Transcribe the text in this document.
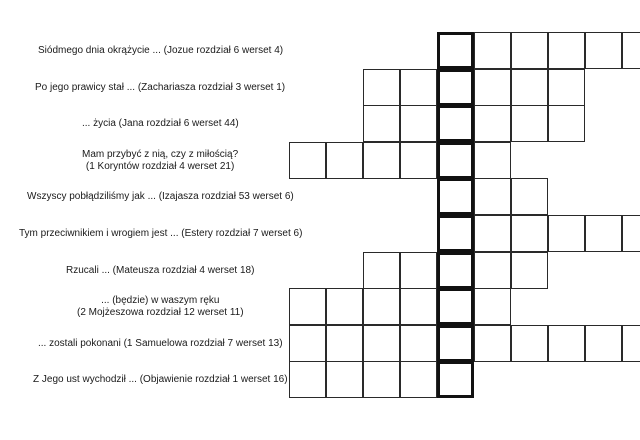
Siódmego dnia okrążycie ... (Jozue rozdział 6 werset 4)
Po jego prawicy stał ... (Zachariasza rozdział 3 werset 1)
... życia (Jana rozdział 6 werset 44)
Mam przybyć z nią, czy z miłością?
(1 Koryntów rozdział 4 werset 21)
Wszyscy pobłądziliśmy jak ... (Izajasza rozdział 53 werset 6)
Tym przeciwnikiem i wrogiem jest ... (Estery rozdział 7 werset 6)
Rzucali ... (Mateusza rozdział 4 werset 18)
... (będzie) w waszym ręku
(2 Mojżeszowa rozdział 12 werset 11)
... zostali pokonani (1 Samuelowa rozdział 7 werset 13)
Z Jego ust wychodził ... (Objawienie rozdział 1 werset 16)
